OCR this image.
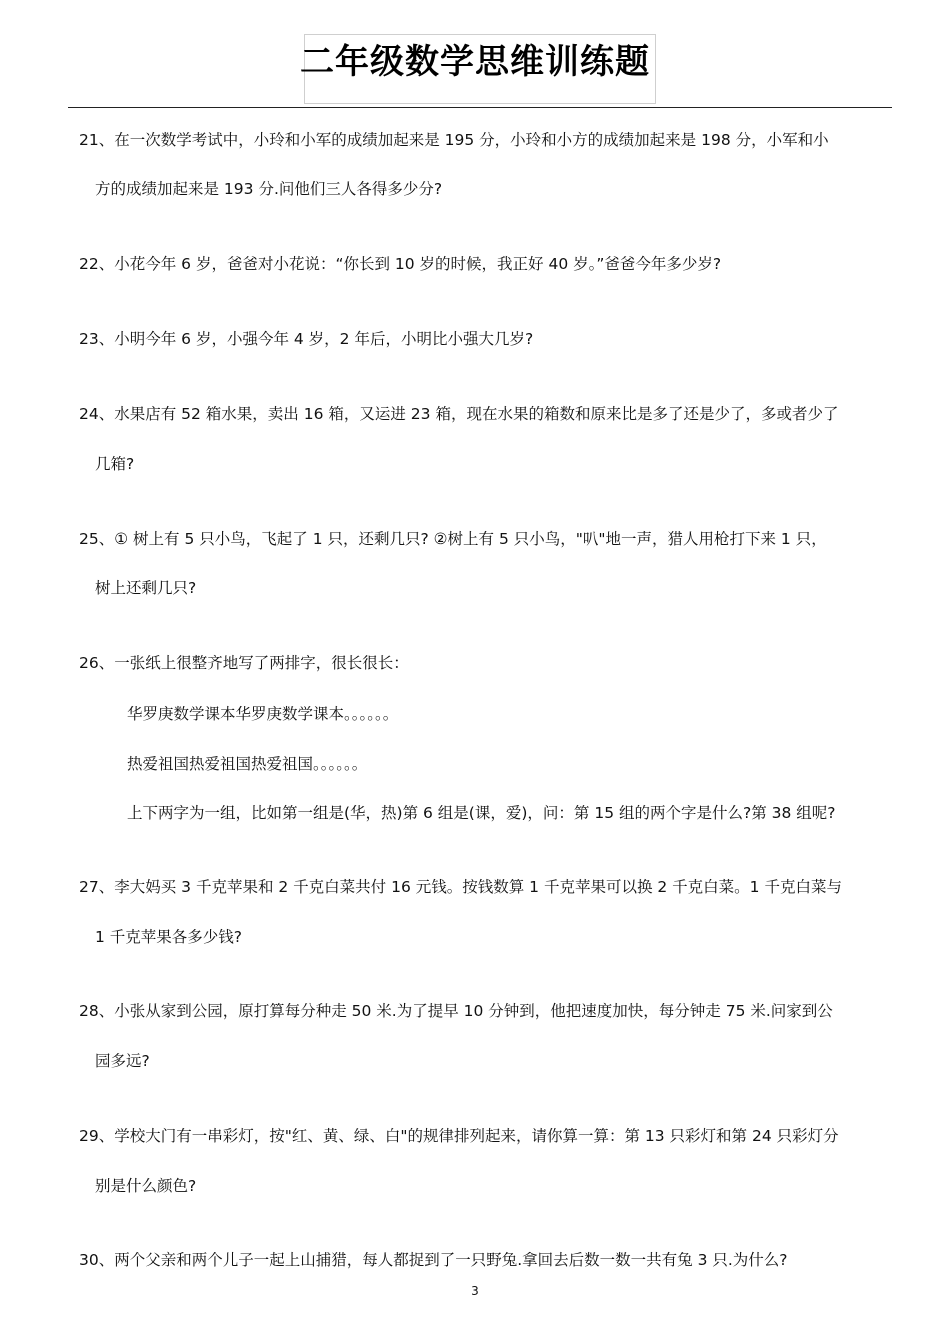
二年级数学思维训练题
21、在一次数学考试中，小玲和小军的成绩加起来是 195 分，小玲和小方的成绩加起来是 198 分，小军和小
方的成绩加起来是 193 分.问他们三人各得多少分?
22、小花今年 6 岁，爸爸对小花说：“你长到 10 岁的时候，我正好 40 岁。”爸爸今年多少岁?
23、小明今年 6 岁，小强今年 4 岁，2 年后，小明比小强大几岁?
24、水果店有 52 箱水果，卖出 16 箱，又运进 23 箱，现在水果的箱数和原来比是多了还是少了，多或者少了
几箱?
25、① 树上有 5 只小鸟，飞起了 1 只，还剩几只? ②树上有 5 只小鸟，"叭"地一声，猎人用枪打下来 1 只，
树上还剩几只?
26、一张纸上很整齐地写了两排字，很长很长：
华罗庚数学课本华罗庚数学课本。。。。。。
热爱祖国热爱祖国热爱祖国。。。。。。
上下两字为一组，比如第一组是(华，热)第 6 组是(课，爱)，问：第 15 组的两个字是什么?第 38 组呢?
27、李大妈买 3 千克苹果和 2 千克白菜共付 16 元钱。按钱数算 1 千克苹果可以换 2 千克白菜。1 千克白菜与
1 千克苹果各多少钱?
28、小张从家到公园，原打算每分种走 50 米.为了提早 10 分钟到，他把速度加快，每分钟走 75 米.问家到公
园多远?
29、学校大门有一串彩灯，按"红、黄、绿、白"的规律排列起来，请你算一算：第 13 只彩灯和第 24 只彩灯分
别是什么颜色?
30、两个父亲和两个儿子一起上山捕猎，每人都捉到了一只野兔.拿回去后数一数一共有兔 3 只.为什么?
3
